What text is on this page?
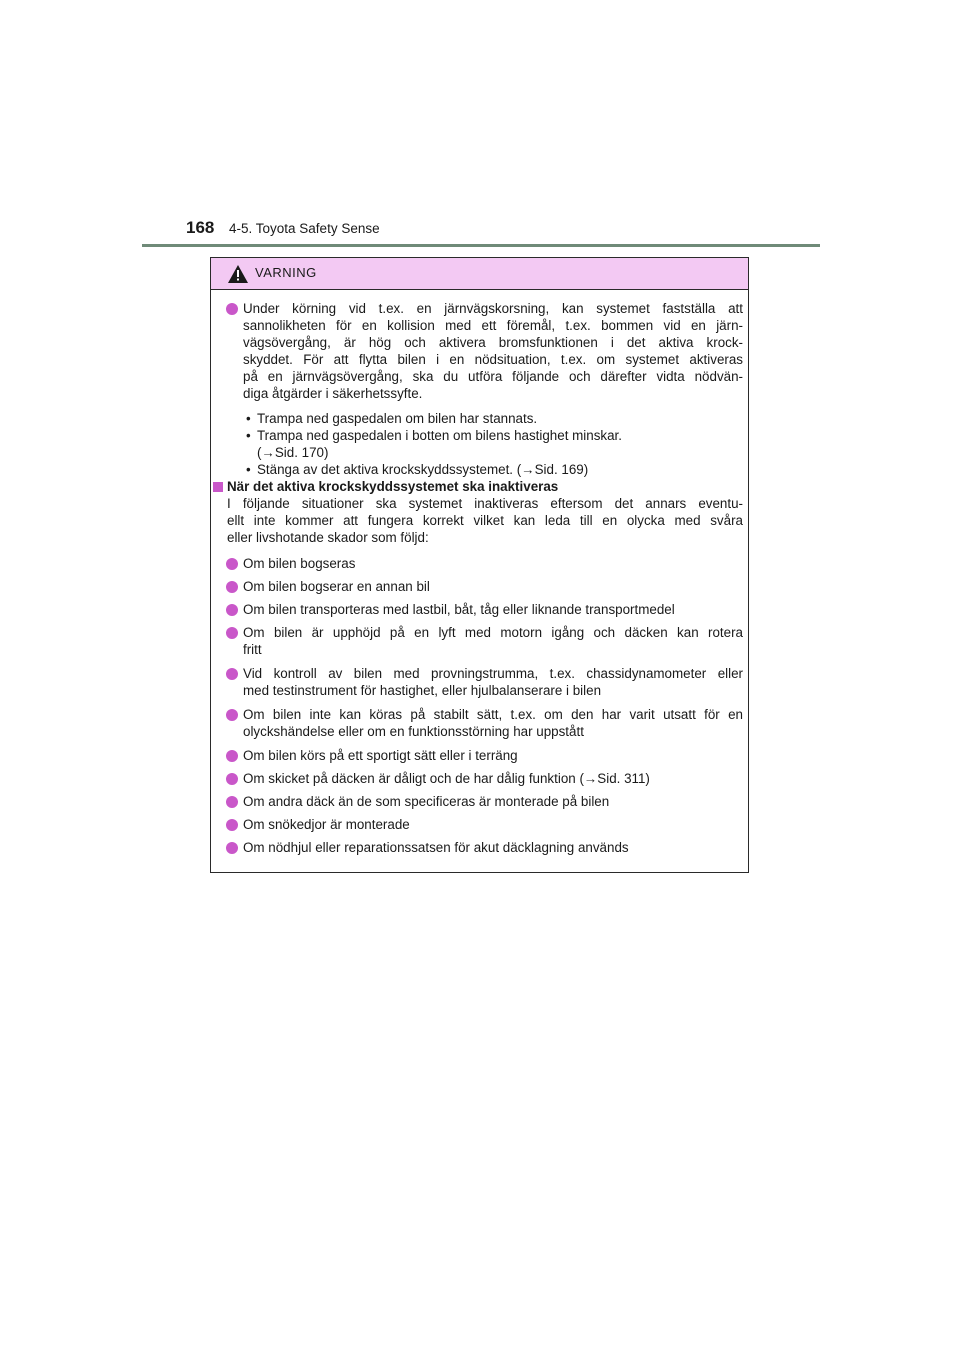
168 4-5. Toyota Safety Sense
VARNING
Under körning vid t.ex. en järnvägskorsning, kan systemet fastställa att
sannolikheten för en kollision med ett föremål, t.ex. bommen vid en järn-
vägsövergång, är hög och aktivera bromsfunktionen i det aktiva krock-
skyddet. För att flytta bilen i en nödsituation, t.ex. om systemet aktiveras
på en järnvägsövergång, ska du utföra följande och därefter vidta nödvän-
diga åtgärder i säkerhetssyfte.
• Trampa ned gaspedalen om bilen har stannats.
• Trampa ned gaspedalen i botten om bilens hastighet minskar.
(→Sid. 170)
• Stänga av det aktiva krockskyddssystemet. (→Sid. 169)
När det aktiva krockskyddssystemet ska inaktiveras
I följande situationer ska systemet inaktiveras eftersom det annars eventu-
ellt inte kommer att fungera korrekt vilket kan leda till en olycka med svåra
eller livshotande skador som följd:
Om bilen bogseras
Om bilen bogserar en annan bil
Om bilen transporteras med lastbil, båt, tåg eller liknande transportmedel
Om bilen är upphöjd på en lyft med motorn igång och däcken kan rotera
fritt
Vid kontroll av bilen med provningstrumma, t.ex. chassidynamometer eller
med testinstrument för hastighet, eller hjulbalanserare i bilen
Om bilen inte kan köras på stabilt sätt, t.ex. om den har varit utsatt för en
olyckshändelse eller om en funktionsstörning har uppstått
Om bilen körs på ett sportigt sätt eller i terräng
Om skicket på däcken är dåligt och de har dålig funktion (→Sid. 311)
Om andra däck än de som specificeras är monterade på bilen
Om snökedjor är monterade
Om nödhjul eller reparationssatsen för akut däcklagning används
